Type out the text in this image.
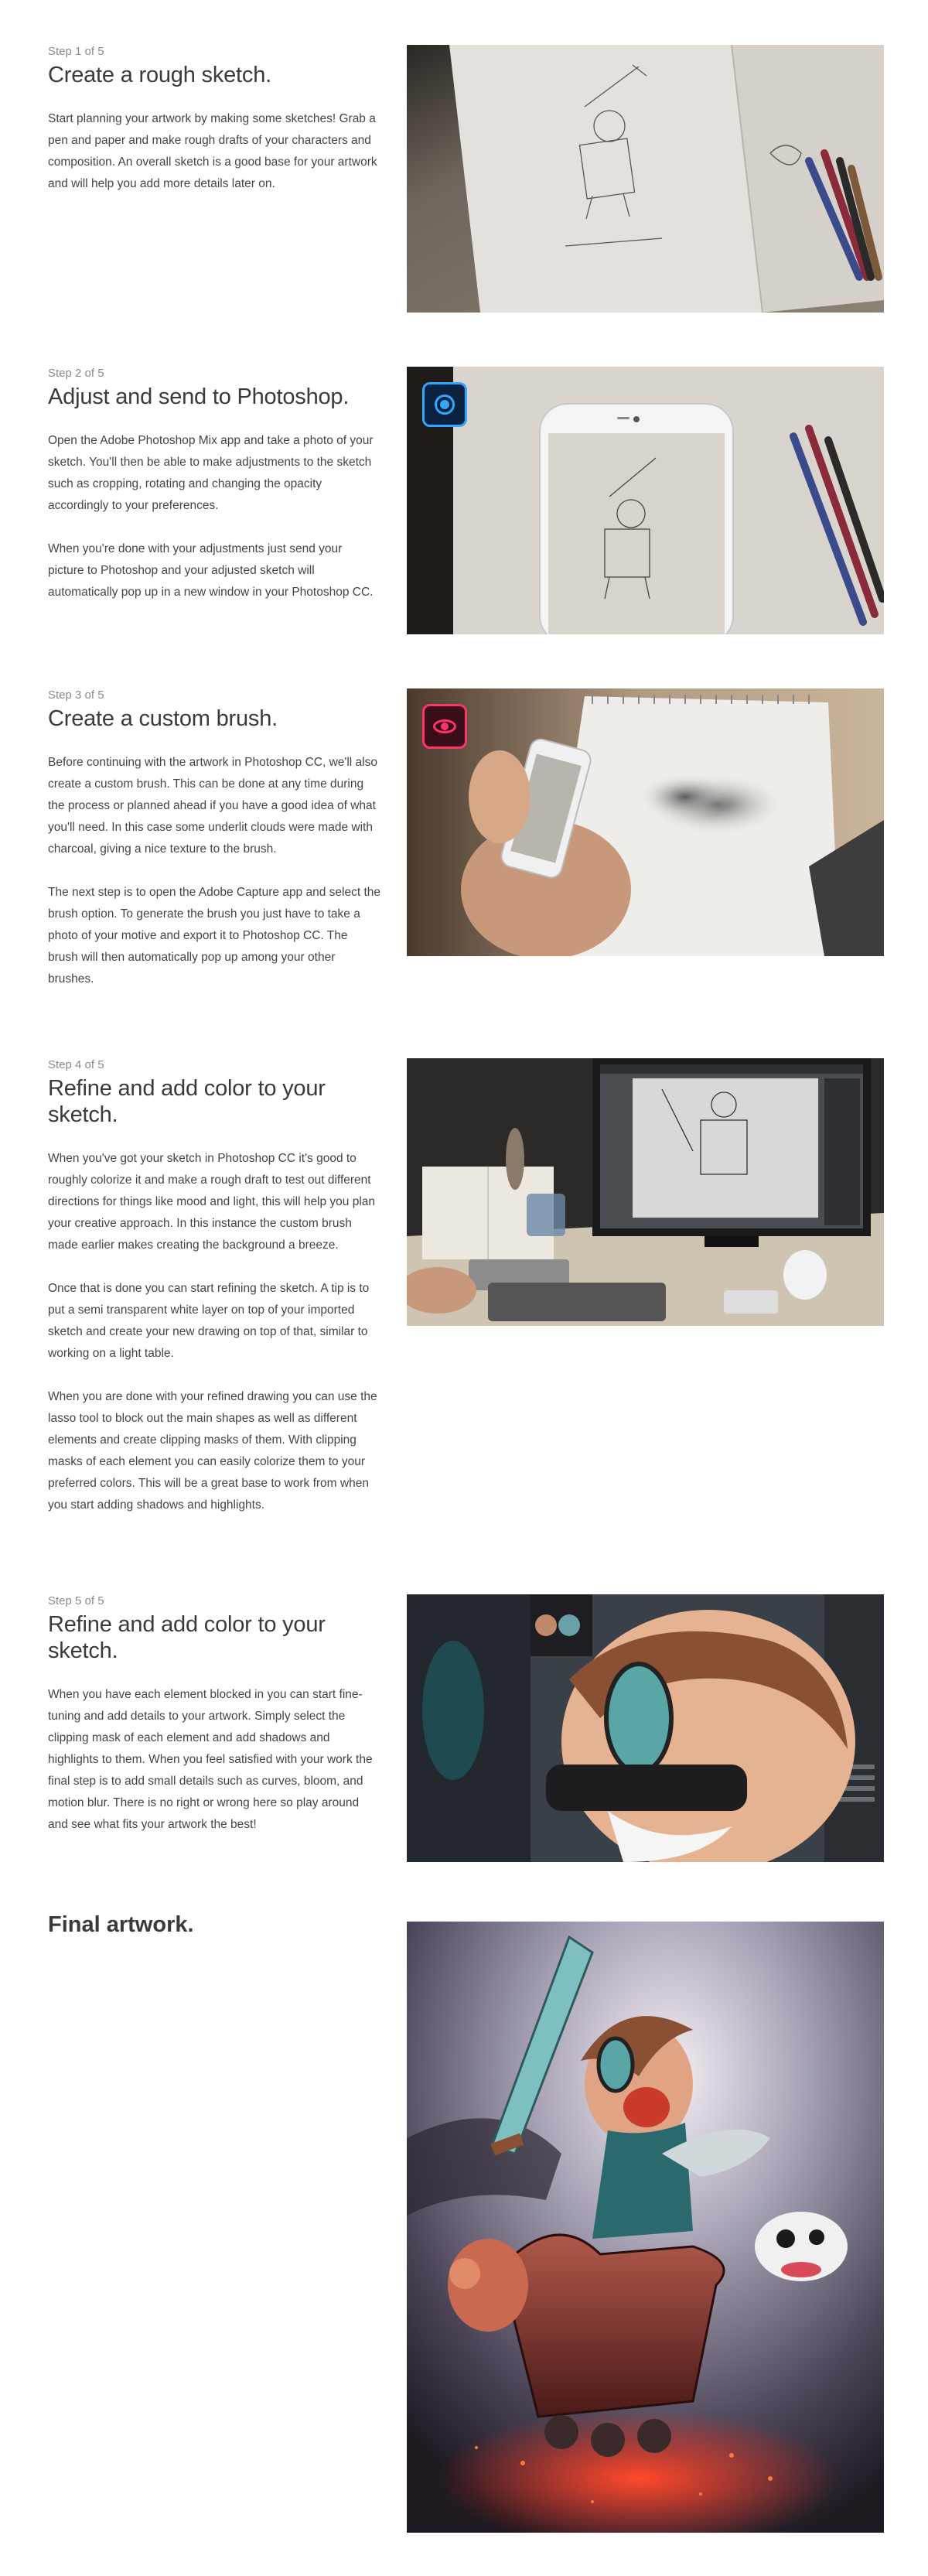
Step 1 of 5

Create a rough sketch.

Start planning your artwork by making some sketches! Grab a pen and paper and make rough drafts of your characters and composition. An overall sketch is a good base for your artwork and will help you add more details later on.

Step 2 of 5

Adjust and send to Photoshop.

Open the Adobe Photoshop Mix app and take a photo of your sketch. You'll then be able to make adjustments to the sketch such as cropping, rotating and changing the opacity accordingly to your preferences.

When you're done with your adjustments just send your picture to Photoshop and your adjusted sketch will automatically pop up in a new window in your Photoshop CC.

Step 3 of 5

Create a custom brush.

Before continuing with the artwork in Photoshop CC, we'll also create a custom brush. This can be done at any time during the process or planned ahead if you have a good idea of what you'll need. In this case some underlit clouds were made with charcoal, giving a nice texture to the brush.

The next step is to open the Adobe Capture app and select the brush option. To generate the brush you just have to take a photo of your motive and export it to Photoshop CC. The brush will then automatically pop up among your other brushes.

Step 4 of 5

Refine and add color to your sketch.

When you've got your sketch in Photoshop CC it's good to roughly colorize it and make a rough draft to test out different directions for things like mood and light, this will help you plan your creative approach. In this instance the custom brush made earlier makes creating the background a breeze.

Once that is done you can start refining the sketch. A tip is to put a semi transparent white layer on top of your imported sketch and create your new drawing on top of that, similar to working on a light table.

When you are done with your refined drawing you can use the lasso tool to block out the main shapes as well as different elements and create clipping masks of them. With clipping masks of each element you can easily colorize them to your preferred colors. This will be a great base to work from when you start adding shadows and highlights.

Step 5 of 5

Refine and add color to your sketch.

When you have each element blocked in you can start fine-tuning and add details to your artwork. Simply select the clipping mask of each element and add shadows and highlights to them. When you feel satisfied with your work the final step is to add small details such as curves, bloom, and motion blur. There is no right or wrong here so play around and see what fits your artwork the best!

Final artwork.
